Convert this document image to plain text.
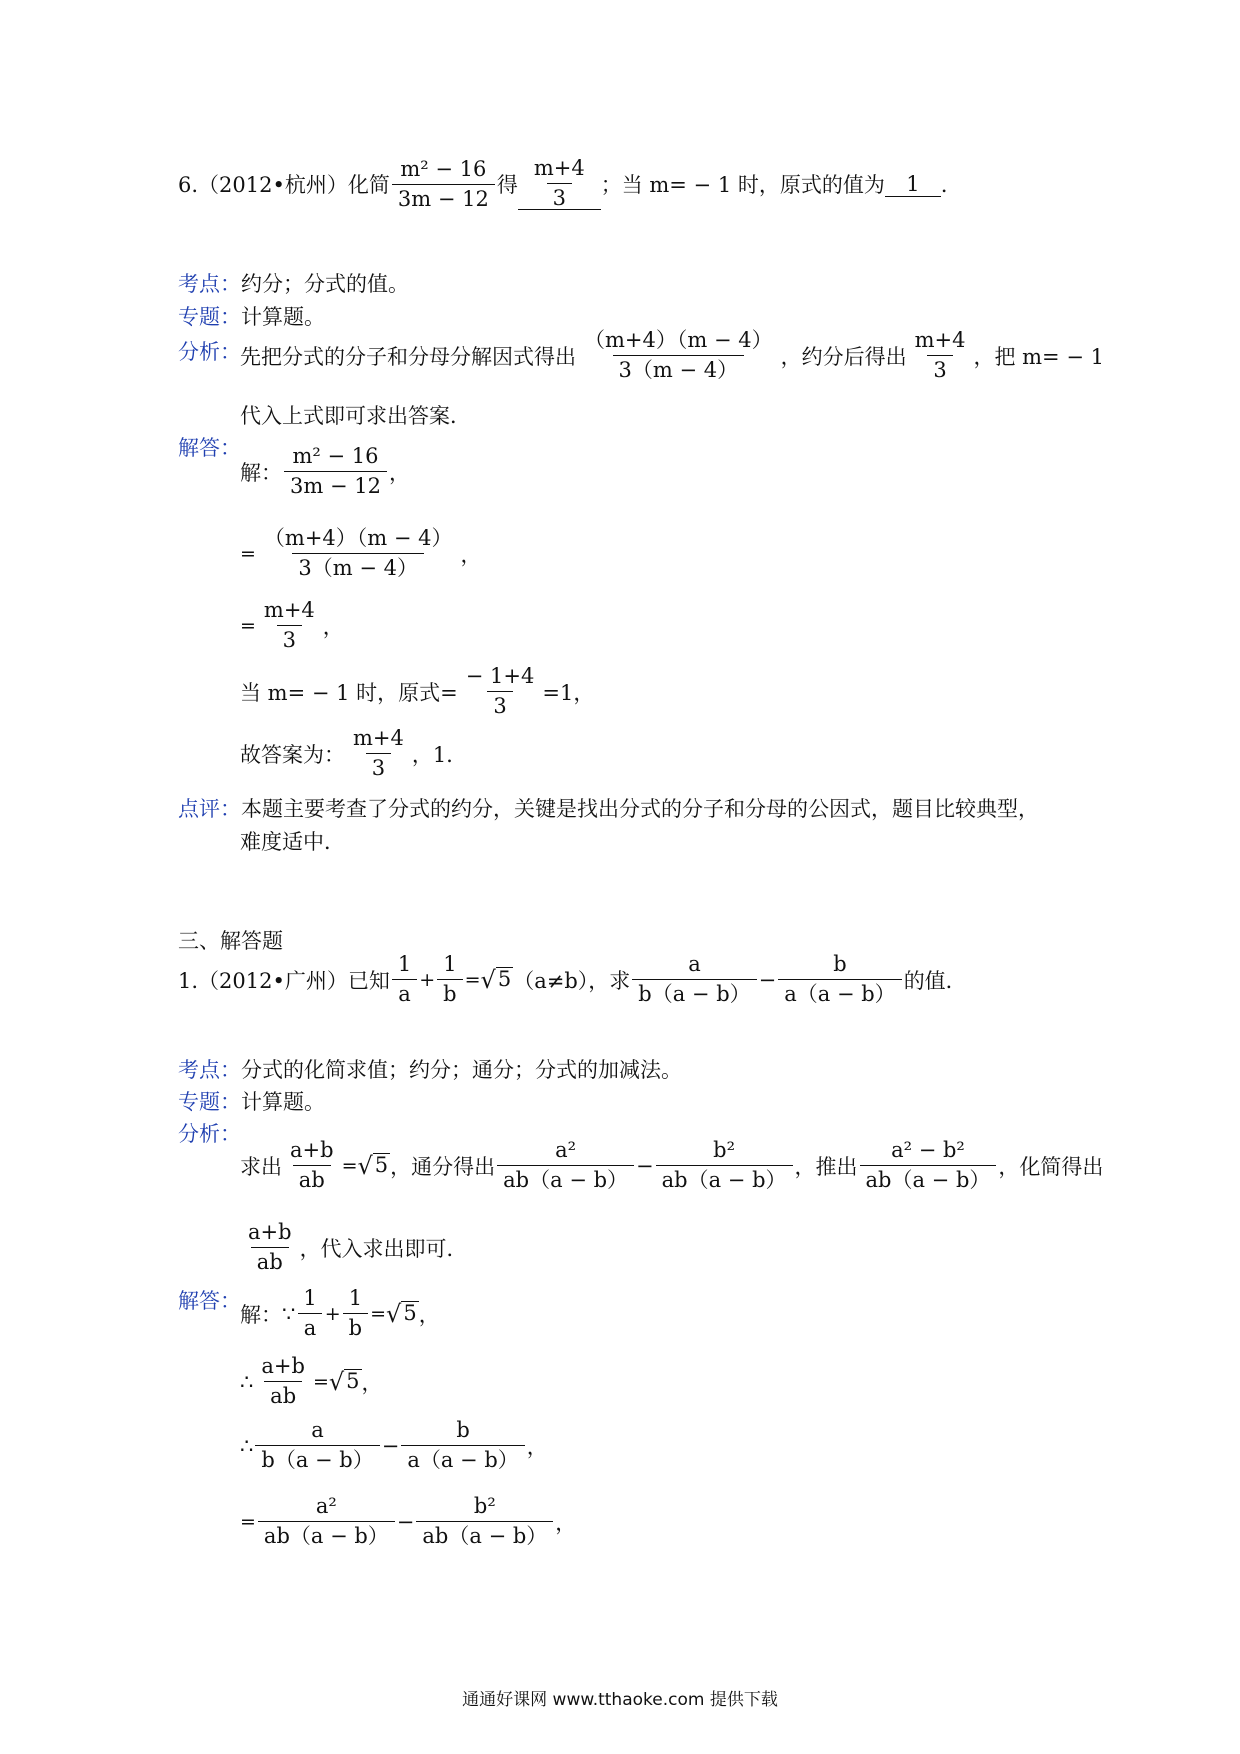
6.（2012•杭州）化简 $\frac{\text{m² − 16}}{3m - 12}$ 得 $\frac{m+4}{3}$ ；当 m= − 1 时，原式的值为	1	．
考点：约分；分式的值。
专题：计算题。
分析： 先把分式的分子和分母分解因式得出 $\frac{(m+4)(m - 4)}{3(m - 4)}$ ，约分后得出 $\frac{m+4}{3}$ ，把 m= − 1
代入上式即可求出答案．
解答：
解： $\frac{\text{m² − 16}}{3m - 12}$ ，
= $\frac{(m+4)(m - 4)}{3(m - 4)}$ ，
= $\frac{m+4}{3}$ ，
当 m= − 1 时，原式= $\frac{- 1+4}{3} =1$，
故答案为： $\frac{m+4}{3}$ ，1．
点评：本题主要考查了分式的约分，关键是找出分式的分子和分母的公因式，题目比较典型，
难度适中．
三、解答题
1.（2012•广州）已知 $\frac{1}{a} + \frac{1}{b}$ = √ 5 （a≠b），求 $\frac{a}{b(a - b)} - \frac{b}{a(a - b)}$ 的值．
考点：分式的化简求值；约分；通分；分式的加减法。
专题：计算题。
分析：
求出 $\frac{a+b}{ab}$ = √ 5 ，通分得出 $\frac{\text{a²}}{ab(a - b)} - \frac{\text{b²}}{ab(a - b)}$ ，推出 $\frac{\text{a² − b²}}{ab(a - b)}$ ，化简得出
$\frac{a+b}{ab}$ ，代入求出即可．
解答：
解： ∵ $\frac{1}{a} + \frac{1}{b}$ = √ 5 ，
∴ $\frac{a+b}{ab}$ = √ 5 ，
∴ $\frac{a}{b(a - b)} - \frac{b}{a(a - b)}$ ，
= $\frac{\text{a²}}{ab(a - b)} - \frac{\text{b²}}{ab(a - b)}$ ，
通通好课网 www.tthaoke.com 提供下载
